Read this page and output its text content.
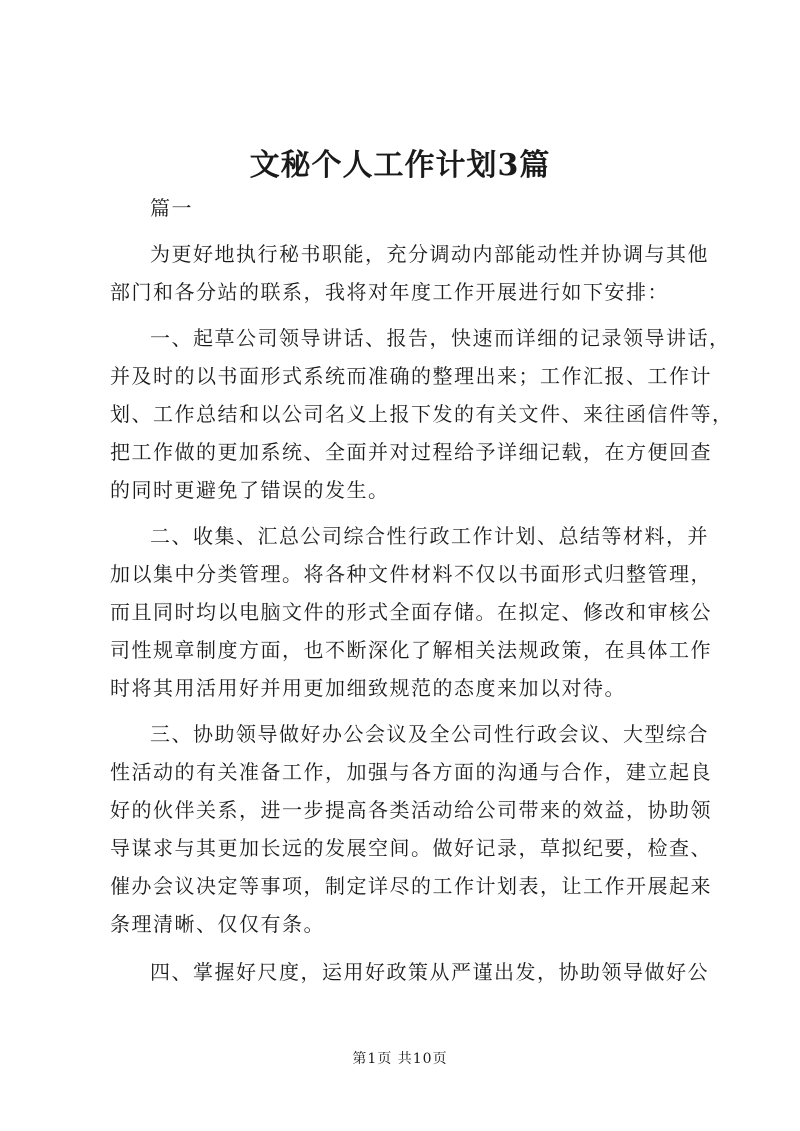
文秘个人工作计划3篇
篇一
为更好地执行秘书职能，充分调动内部能动性并协调与其他
部门和各分站的联系，我将对年度工作开展进行如下安排：
一、起草公司领导讲话、报告，快速而详细的记录领导讲话，
并及时的以书面形式系统而准确的整理出来；工作汇报、工作计
划、工作总结和以公司名义上报下发的有关文件、来往函信件等，
把工作做的更加系统、全面并对过程给予详细记载，在方便回查
的同时更避免了错误的发生。
二、收集、汇总公司综合性行政工作计划、总结等材料，并
加以集中分类管理。将各种文件材料不仅以书面形式归整管理，
而且同时均以电脑文件的形式全面存储。在拟定、修改和审核公
司性规章制度方面，也不断深化了解相关法规政策，在具体工作
时将其用活用好并用更加细致规范的态度来加以对待。
三、协助领导做好办公会议及全公司性行政会议、大型综合
性活动的有关准备工作，加强与各方面的沟通与合作，建立起良
好的伙伴关系，进一步提高各类活动给公司带来的效益，协助领
导谋求与其更加长远的发展空间。做好记录，草拟纪要，检查、
催办会议决定等事项，制定详尽的工作计划表，让工作开展起来
条理清晰、仅仅有条。
四、掌握好尺度，运用好政策从严谨出发，协助领导做好公
第1页 共10页
